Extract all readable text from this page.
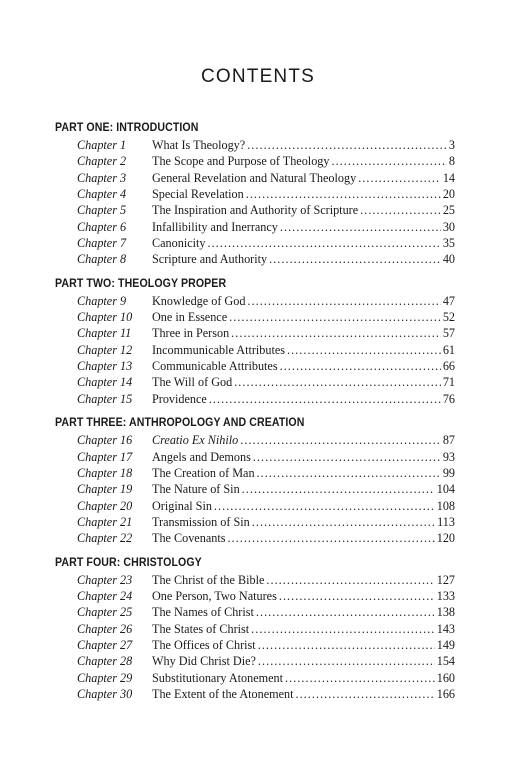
CONTENTS
PART ONE: INTRODUCTION
Chapter 1	What Is Theology? . . .	3
Chapter 2	The Scope and Purpose of Theology . . .	8
Chapter 3	General Revelation and Natural Theology . . .	14
Chapter 4	Special Revelation . . .	20
Chapter 5	The Inspiration and Authority of Scripture . . .	25
Chapter 6	Infallibility and Inerrancy . . .	30
Chapter 7	Canonicity . . .	35
Chapter 8	Scripture and Authority . . .	40
PART TWO: THEOLOGY PROPER
Chapter 9	Knowledge of God . . .	47
Chapter 10	One in Essence . . .	52
Chapter 11	Three in Person . . .	57
Chapter 12	Incommunicable Attributes . . .	61
Chapter 13	Communicable Attributes . . .	66
Chapter 14	The Will of God . . .	71
Chapter 15	Providence . . .	76
PART THREE: ANTHROPOLOGY AND CREATION
Chapter 16	Creatio Ex Nihilo . . .	87
Chapter 17	Angels and Demons . . .	93
Chapter 18	The Creation of Man . . .	99
Chapter 19	The Nature of Sin . . .	104
Chapter 20	Original Sin . . .	108
Chapter 21	Transmission of Sin . . .	113
Chapter 22	The Covenants . . .	120
PART FOUR: CHRISTOLOGY
Chapter 23	The Christ of the Bible . . .	127
Chapter 24	One Person, Two Natures . . .	133
Chapter 25	The Names of Christ . . .	138
Chapter 26	The States of Christ . . .	143
Chapter 27	The Offices of Christ . . .	149
Chapter 28	Why Did Christ Die? . . .	154
Chapter 29	Substitutionary Atonement . . .	160
Chapter 30	The Extent of the Atonement . . .	166
